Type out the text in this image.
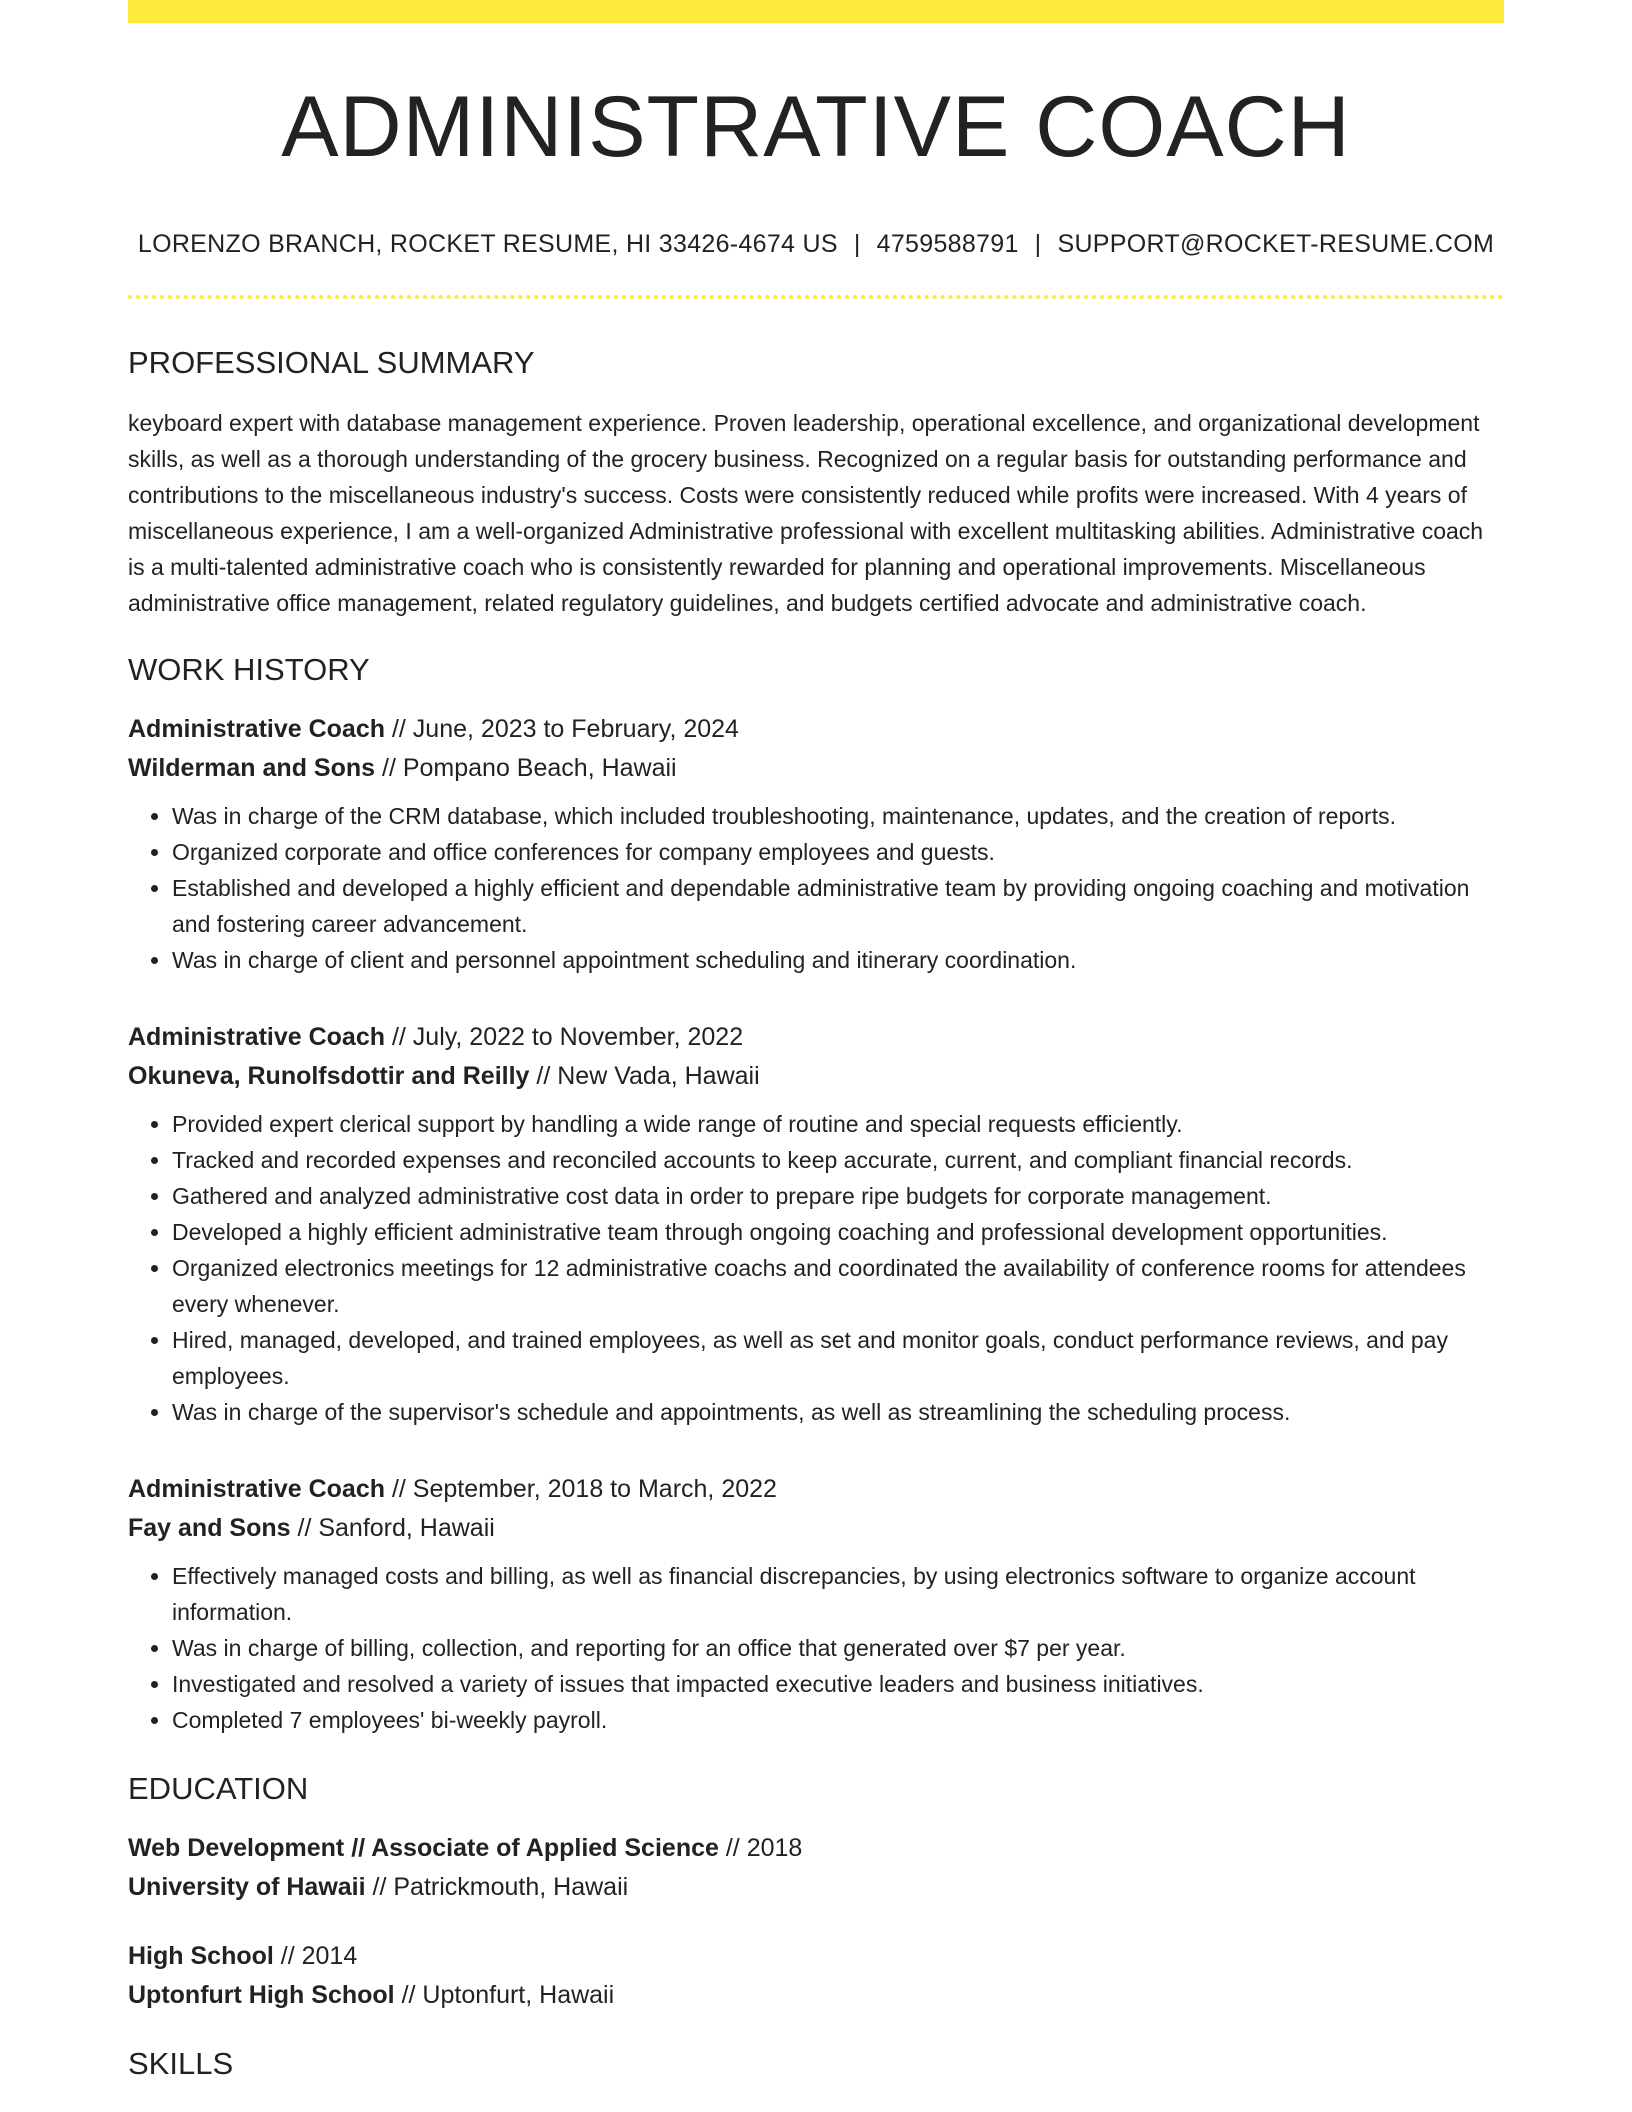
ADMINISTRATIVE COACH
LORENZO BRANCH, ROCKET RESUME, HI 33426-4674 US | 4759588791 | SUPPORT@ROCKET-RESUME.COM
PROFESSIONAL SUMMARY

keyboard expert with database management experience. Proven leadership, operational excellence, and organizational development skills, as well as a thorough understanding of the grocery business. Recognized on a regular basis for outstanding performance and contributions to the miscellaneous industry's success. Costs were consistently reduced while profits were increased. With 4 years of miscellaneous experience, I am a well-organized Administrative professional with excellent multitasking abilities. Administrative coach is a multi-talented administrative coach who is consistently rewarded for planning and operational improvements. Miscellaneous administrative office management, related regulatory guidelines, and budgets certified advocate and administrative coach.

WORK HISTORY
Administrative Coach // June, 2023 to February, 2024
Wilderman and Sons // Pompano Beach, Hawaii
• Was in charge of the CRM database, which included troubleshooting, maintenance, updates, and the creation of reports.
• Organized corporate and office conferences for company employees and guests.
• Established and developed a highly efficient and dependable administrative team by providing ongoing coaching and motivation and fostering career advancement.
• Was in charge of client and personnel appointment scheduling and itinerary coordination.
Administrative Coach // July, 2022 to November, 2022
Okuneva, Runolfsdottir and Reilly // New Vada, Hawaii
• Provided expert clerical support by handling a wide range of routine and special requests efficiently.
• Tracked and recorded expenses and reconciled accounts to keep accurate, current, and compliant financial records.
• Gathered and analyzed administrative cost data in order to prepare ripe budgets for corporate management.
• Developed a highly efficient administrative team through ongoing coaching and professional development opportunities.
• Organized electronics meetings for 12 administrative coachs and coordinated the availability of conference rooms for attendees every whenever.
• Hired, managed, developed, and trained employees, as well as set and monitor goals, conduct performance reviews, and pay employees.
• Was in charge of the supervisor's schedule and appointments, as well as streamlining the scheduling process.
Administrative Coach // September, 2018 to March, 2022
Fay and Sons // Sanford, Hawaii
• Effectively managed costs and billing, as well as financial discrepancies, by using electronics software to organize account information.
• Was in charge of billing, collection, and reporting for an office that generated over $7 per year.
• Investigated and resolved a variety of issues that impacted executive leaders and business initiatives.
• Completed 7 employees' bi-weekly payroll.
EDUCATION
Web Development // Associate of Applied Science // 2018
University of Hawaii // Patrickmouth, Hawaii
High School // 2014
Uptonfurt High School // Uptonfurt, Hawaii
SKILLS
